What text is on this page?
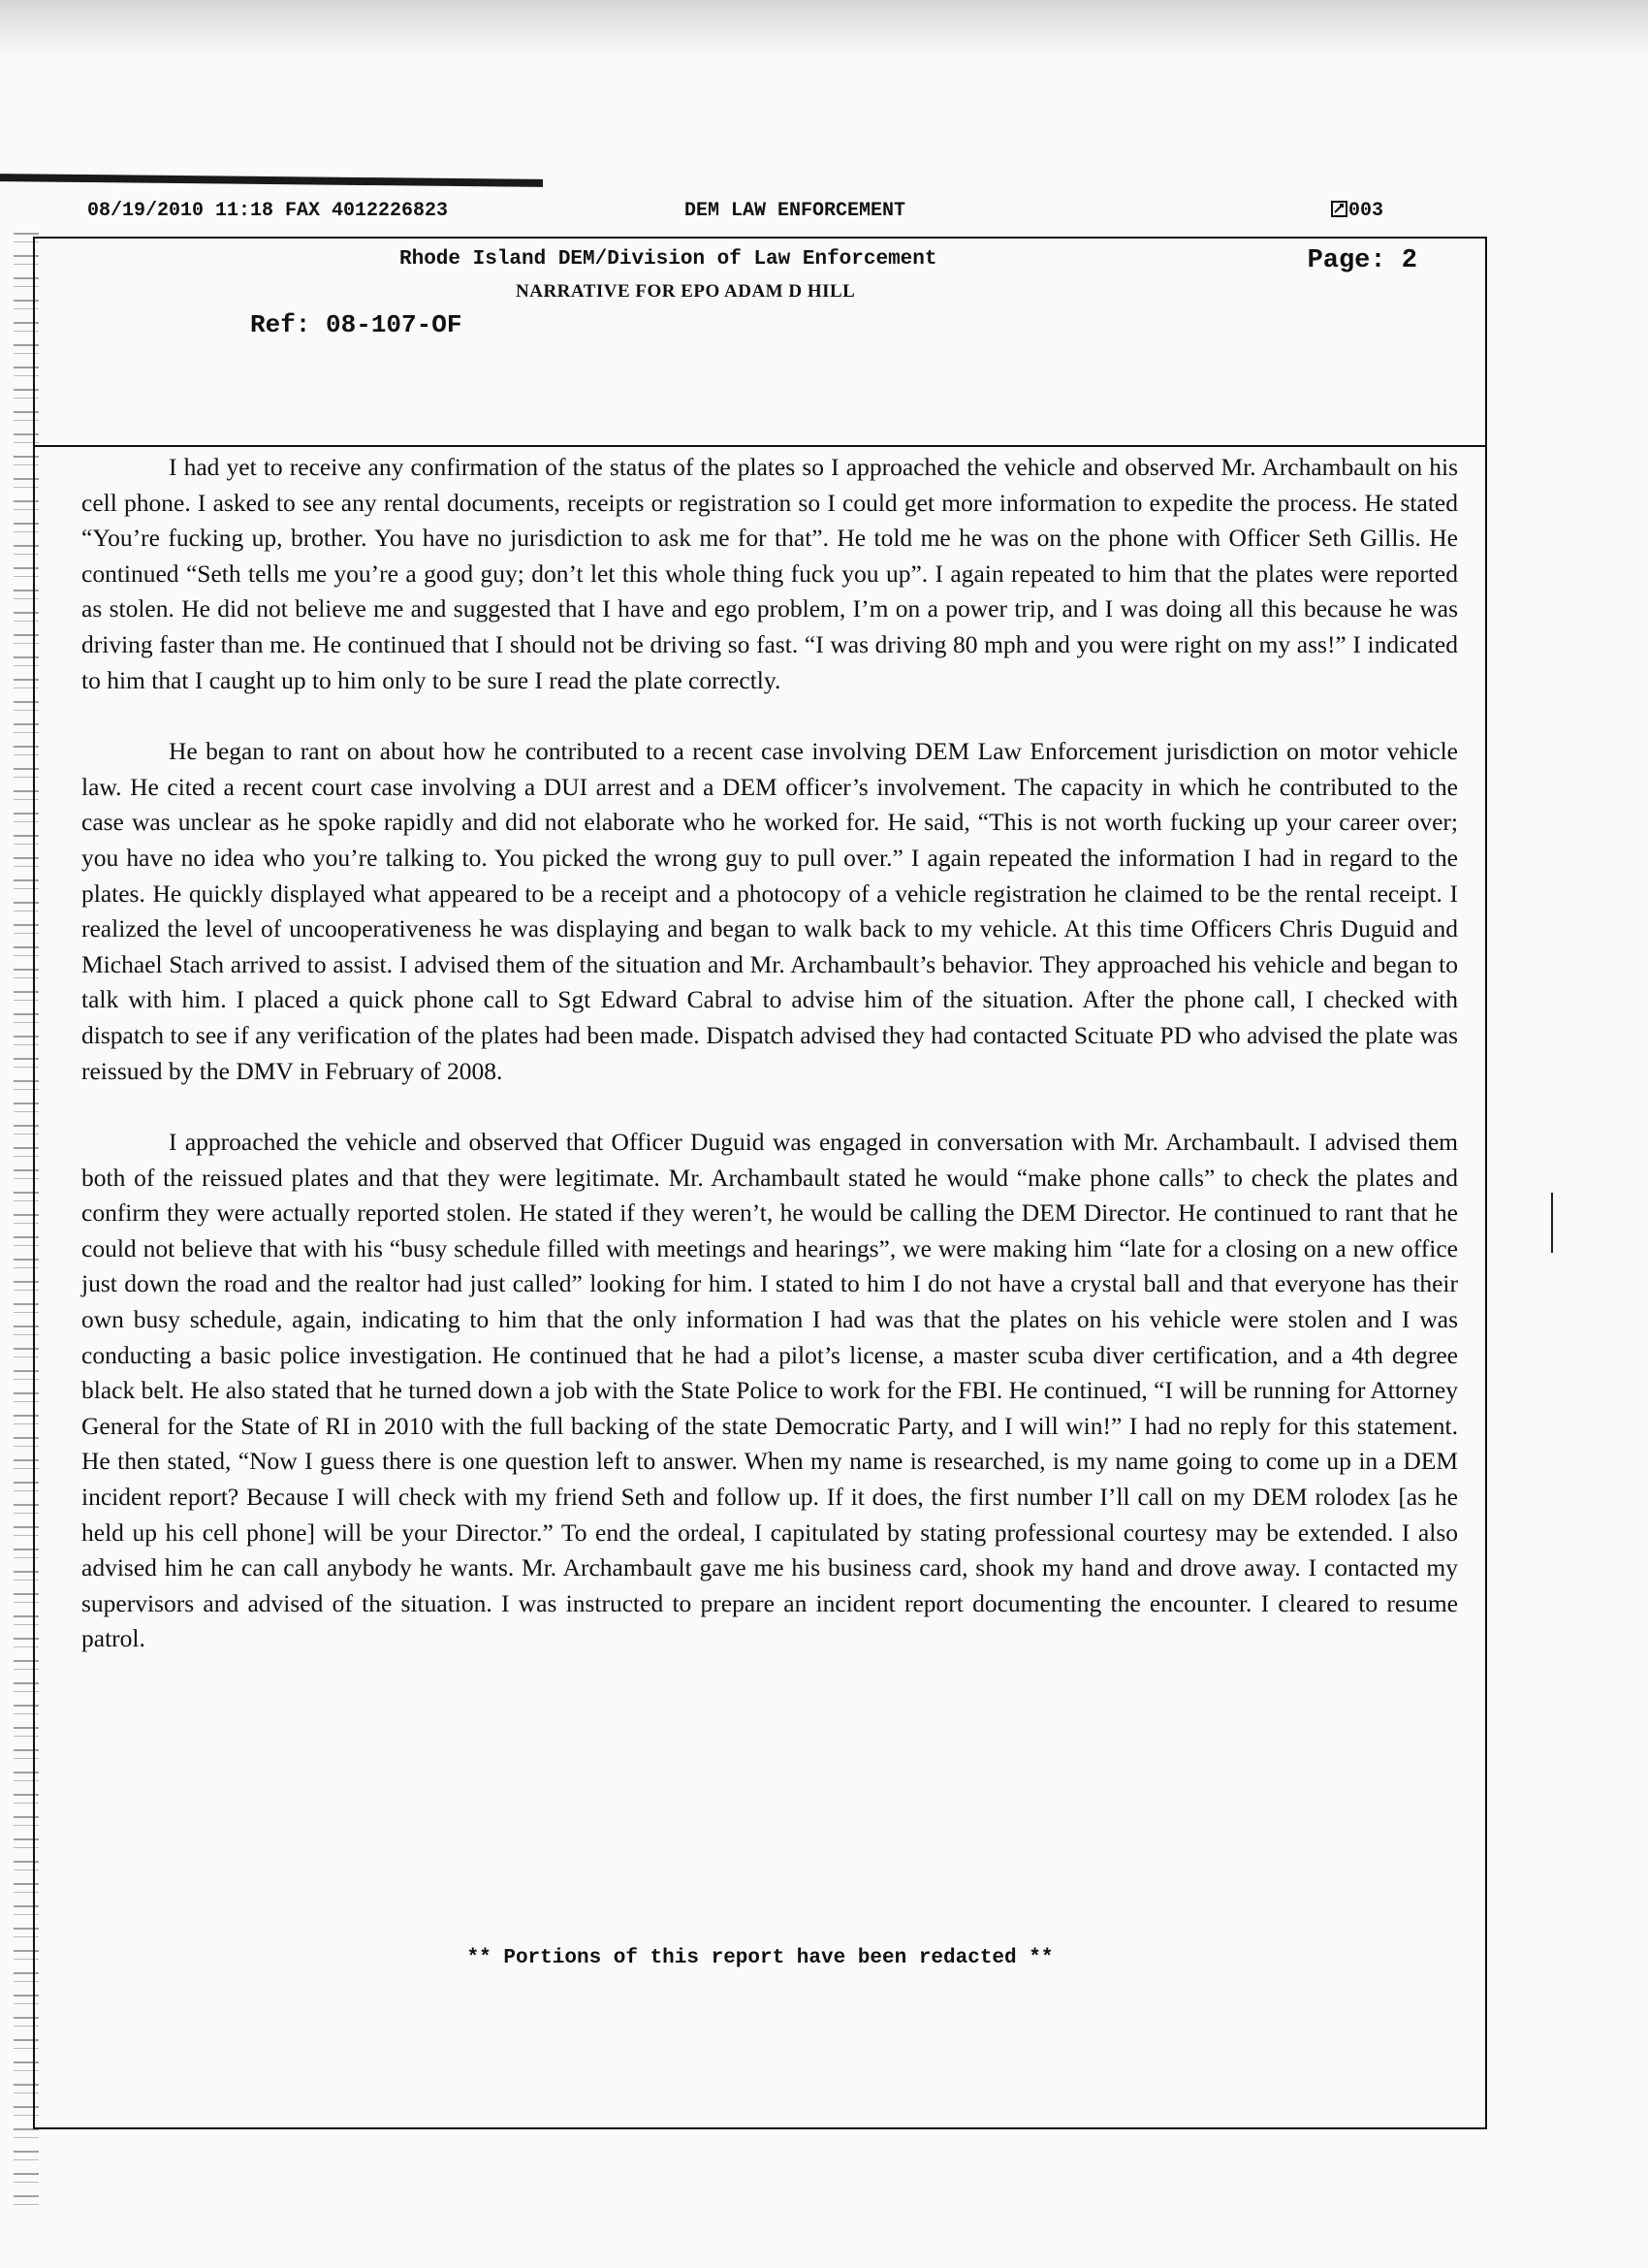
08/19/2010 11:18 FAX 4012226823	DEM LAW ENFORCEMENT	003
Rhode Island DEM/Division of Law Enforcement	Page: 2
NARRATIVE FOR EPO ADAM D HILL
Ref: 08-107-OF

I had yet to receive any confirmation of the status of the plates so I approached the vehicle and observed Mr. Archambault on his cell phone. I asked to see any rental documents, receipts or registration so I could get more information to expedite the process. He stated “You’re fucking up, brother. You have no jurisdiction to ask me for that”. He told me he was on the phone with Officer Seth Gillis. He continued “Seth tells me you’re a good guy; don’t let this whole thing fuck you up”. I again repeated to him that the plates were reported as stolen. He did not believe me and suggested that I have and ego problem, I’m on a power trip, and I was doing all this because he was driving faster than me. He continued that I should not be driving so fast. “I was driving 80 mph and you were right on my ass!” I indicated to him that I caught up to him only to be sure I read the plate correctly.

He began to rant on about how he contributed to a recent case involving DEM Law Enforcement jurisdiction on motor vehicle law. He cited a recent court case involving a DUI arrest and a DEM officer’s involvement. The capacity in which he contributed to the case was unclear as he spoke rapidly and did not elaborate who he worked for. He said, “This is not worth fucking up your career over; you have no idea who you’re talking to. You picked the wrong guy to pull over.” I again repeated the information I had in regard to the plates. He quickly displayed what appeared to be a receipt and a photocopy of a vehicle registration he claimed to be the rental receipt. I realized the level of uncooperativeness he was displaying and began to walk back to my vehicle. At this time Officers Chris Duguid and Michael Stach arrived to assist. I advised them of the situation and Mr. Archambault’s behavior. They approached his vehicle and began to talk with him. I placed a quick phone call to Sgt Edward Cabral to advise him of the situation. After the phone call, I checked with dispatch to see if any verification of the plates had been made. Dispatch advised they had contacted Scituate PD who advised the plate was reissued by the DMV in February of 2008.

I approached the vehicle and observed that Officer Duguid was engaged in conversation with Mr. Archambault. I advised them both of the reissued plates and that they were legitimate. Mr. Archambault stated he would “make phone calls” to check the plates and confirm they were actually reported stolen. He stated if they weren’t, he would be calling the DEM Director. He continued to rant that he could not believe that with his “busy schedule filled with meetings and hearings”, we were making him “late for a closing on a new office just down the road and the realtor had just called” looking for him. I stated to him I do not have a crystal ball and that everyone has their own busy schedule, again, indicating to him that the only information I had was that the plates on his vehicle were stolen and I was conducting a basic police investigation. He continued that he had a pilot’s license, a master scuba diver certification, and a 4th degree black belt. He also stated that he turned down a job with the State Police to work for the FBI. He continued, “I will be running for Attorney General for the State of RI in 2010 with the full backing of the state Democratic Party, and I will win!” I had no reply for this statement. He then stated, “Now I guess there is one question left to answer. When my name is researched, is my name going to come up in a DEM incident report? Because I will check with my friend Seth and follow up. If it does, the first number I’ll call on my DEM rolodex [as he held up his cell phone] will be your Director.” To end the ordeal, I capitulated by stating professional courtesy may be extended. I also advised him he can call anybody he wants. Mr. Archambault gave me his business card, shook my hand and drove away. I contacted my supervisors and advised of the situation. I was instructed to prepare an incident report documenting the encounter. I cleared to resume patrol.

** Portions of this report have been redacted **
